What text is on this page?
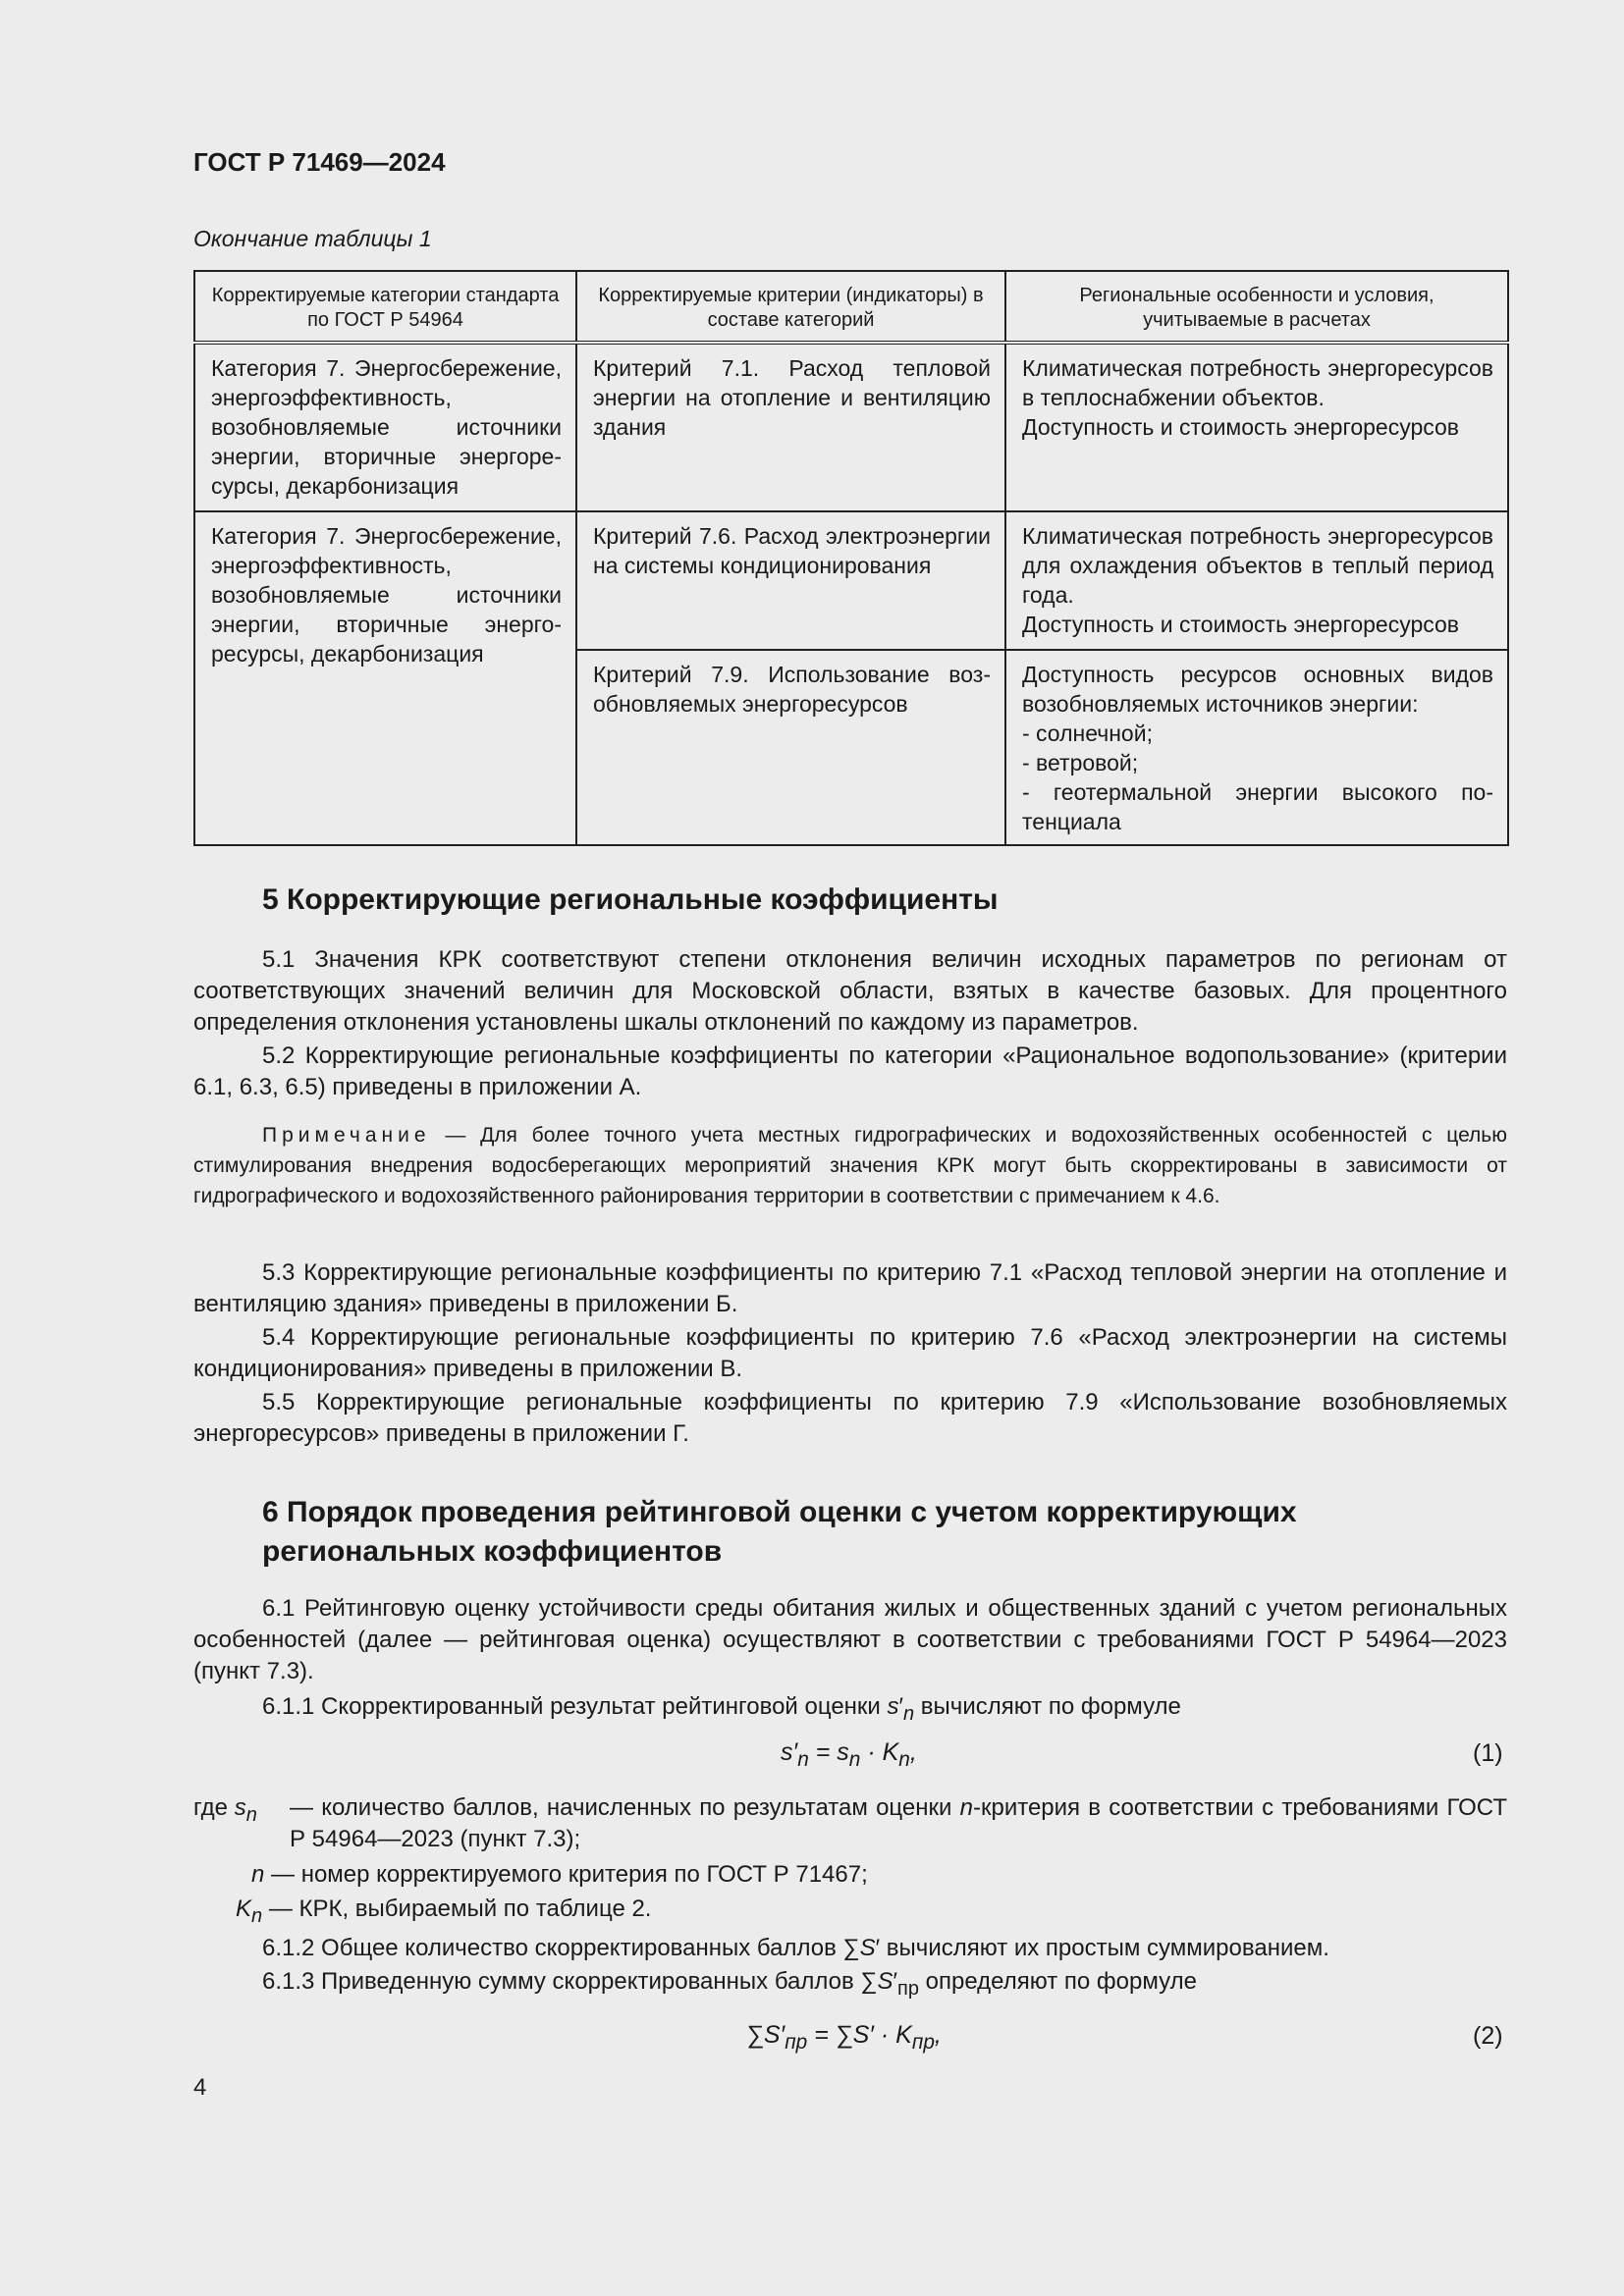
ГОСТ Р 71469—2024
Окончание таблицы 1
Корректируемые категории стандарта по ГОСТ Р 54964	Корректируемые критерии (индикаторы) в составе категорий	Региональные особенности и условия, учитываемые в расчетах
Категория 7. Энергосбережение, энергоэффективность, возобновляемые источники энергии, вторичные энергоресурсы, декарбонизация	Критерий 7.1. Расход тепловой энергии на отопление и вентиляцию здания	Климатическая потребность энергоресурсов в теплоснабжении объектов.
Доступность и стоимость энергоресурсов

Категория 7. Энергосбережение, энергоэффективность, возобновляемые источники энергии, вторичные энергоресурсы, декарбонизация	Критерий 7.6. Расход электроэнергии на системы кондиционирования	Климатическая потребность энергоресурсов для охлаждения объектов в теплый период года.
Доступность и стоимость энергоресурсов

	Критерий 7.9. Использование возобновляемых энергоресурсов	Доступность ресурсов основных видов возобновляемых источников энергии:
- солнечной;
- ветровой;
- геотермальной энергии высокого потенциала
5 Корректирующие региональные коэффициенты
5.1 Значения КРК соответствуют степени отклонения величин исходных параметров по регионам от соответствующих значений величин для Московской области, взятых в качестве базовых. Для процентного определения отклонения установлены шкалы отклонений по каждому из параметров.
5.2 Корректирующие региональные коэффициенты по категории «Рациональное водопользование» (критерии 6.1, 6.3, 6.5) приведены в приложении А.
Примечание — Для более точного учета местных гидрографических и водохозяйственных особенностей с целью стимулирования внедрения водосберегающих мероприятий значения КРК могут быть скорректированы в зависимости от гидрографического и водохозяйственного районирования территории в соответствии с примечанием к 4.6.
5.3 Корректирующие региональные коэффициенты по критерию 7.1 «Расход тепловой энергии на отопление и вентиляцию здания» приведены в приложении Б.
5.4 Корректирующие региональные коэффициенты по критерию 7.6 «Расход электроэнергии на системы кондиционирования» приведены в приложении В.
5.5 Корректирующие региональные коэффициенты по критерию 7.9 «Использование возобновляемых энергоресурсов» приведены в приложении Г.
6 Порядок проведения рейтинговой оценки с учетом корректирующих
региональных коэффициентов
6.1 Рейтинговую оценку устойчивости среды обитания жилых и общественных зданий с учетом региональных особенностей (далее — рейтинговая оценка) осуществляют в соответствии с требованиями ГОСТ Р 54964—2023 (пункт 7.3).
6.1.1 Скорректированный результат рейтинговой оценки $s'_n$ вычисляют по формуле
$s'_n = s_n \cdot K_n$,	(1)
где $s_n$ — количество баллов, начисленных по результатам оценки n-критерия в соответствии с требованиями ГОСТ Р 54964—2023 (пункт 7.3);
n — номер корректируемого критерия по ГОСТ Р 71467;
$K_n$ — КРК, выбираемый по таблице 2.
6.1.2 Общее количество скорректированных баллов ∑S′ вычисляют их простым суммированием.
6.1.3 Приведенную сумму скорректированных баллов $\sum S'_{пр}$ определяют по формуле
$\sum S'_{пр} = \sum S' \cdot K_{пр}$,	(2)
4
